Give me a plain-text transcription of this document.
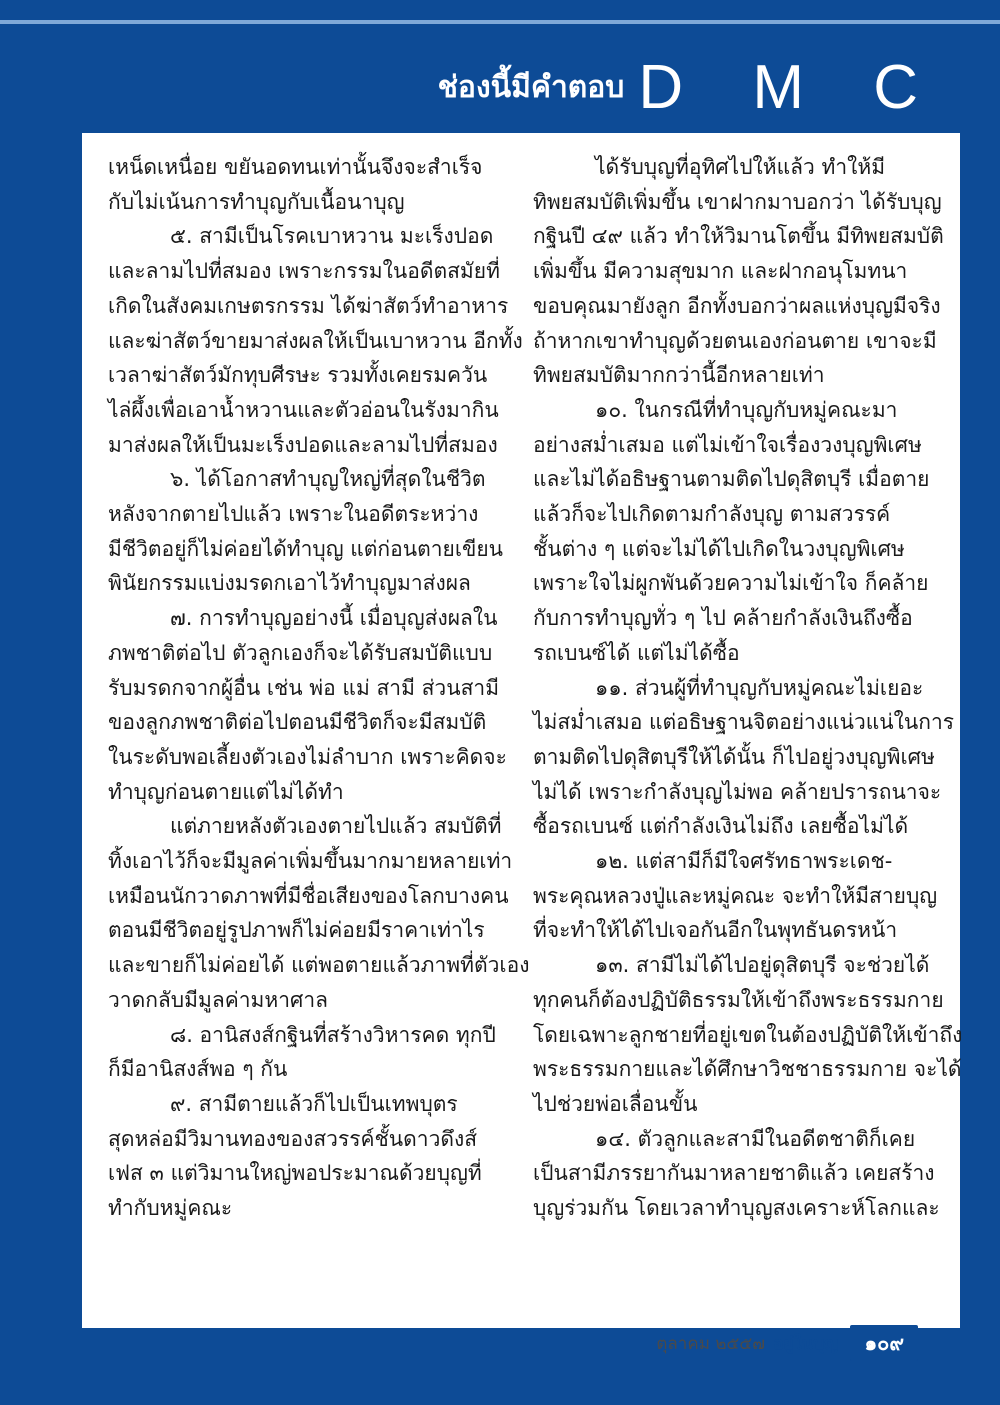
ช่องนี้มีคำตอบ D M C
เหน็ดเหนื่อย ขยันอดทนเท่านั้นจึงจะสำเร็จ
กับไม่เน้นการทำบุญกับเนื้อนาบุญ
๕. สามีเป็นโรคเบาหวาน มะเร็งปอด
และลามไปที่สมอง เพราะกรรมในอดีตสมัยที่
เกิดในสังคมเกษตรกรรม ได้ฆ่าสัตว์ทำอาหาร
และฆ่าสัตว์ขายมาส่งผลให้เป็นเบาหวาน อีกทั้ง
เวลาฆ่าสัตว์มักทุบศีรษะ รวมทั้งเคยรมควัน
ไล่ผึ้งเพื่อเอาน้ำหวานและตัวอ่อนในรังมากิน
มาส่งผลให้เป็นมะเร็งปอดและลามไปที่สมอง
๖. ได้โอกาสทำบุญใหญ่ที่สุดในชีวิต
หลังจากตายไปแล้ว เพราะในอดีตระหว่าง
มีชีวิตอยู่ก็ไม่ค่อยได้ทำบุญ แต่ก่อนตายเขียน
พินัยกรรมแบ่งมรดกเอาไว้ทำบุญมาส่งผล
๗. การทำบุญอย่างนี้ เมื่อบุญส่งผลใน
ภพชาติต่อไป ตัวลูกเองก็จะได้รับสมบัติแบบ
รับมรดกจากผู้อื่น เช่น พ่อ แม่ สามี ส่วนสามี
ของลูกภพชาติต่อไปตอนมีชีวิตก็จะมีสมบัติ
ในระดับพอเลี้ยงตัวเองไม่ลำบาก เพราะคิดจะ
ทำบุญก่อนตายแต่ไม่ได้ทำ
แต่ภายหลังตัวเองตายไปแล้ว สมบัติที่
ทิ้งเอาไว้ก็จะมีมูลค่าเพิ่มขึ้นมากมายหลายเท่า
เหมือนนักวาดภาพที่มีชื่อเสียงของโลกบางคน
ตอนมีชีวิตอยู่รูปภาพก็ไม่ค่อยมีราคาเท่าไร
และขายก็ไม่ค่อยได้ แต่พอตายแล้วภาพที่ตัวเอง
วาดกลับมีมูลค่ามหาศาล
๘. อานิสงส์กฐินที่สร้างวิหารคด ทุกปี
ก็มีอานิสงส์พอ ๆ กัน
๙. สามีตายแล้วก็ไปเป็นเทพบุตร
สุดหล่อมีวิมานทองของสวรรค์ชั้นดาวดึงส์
เฟส ๓ แต่วิมานใหญ่พอประมาณด้วยบุญที่
ทำกับหมู่คณะ
ได้รับบุญที่อุทิศไปให้แล้ว ทำให้มี
ทิพยสมบัติเพิ่มขึ้น เขาฝากมาบอกว่า ได้รับบุญ
กฐินปี ๔๙ แล้ว ทำให้วิมานโตขึ้น มีทิพยสมบัติ
เพิ่มขึ้น มีความสุขมาก และฝากอนุโมทนา
ขอบคุณมายังลูก อีกทั้งบอกว่าผลแห่งบุญมีจริง
ถ้าหากเขาทำบุญด้วยตนเองก่อนตาย เขาจะมี
ทิพยสมบัติมากกว่านี้อีกหลายเท่า
๑๐. ในกรณีที่ทำบุญกับหมู่คณะมา
อย่างสม่ำเสมอ แต่ไม่เข้าใจเรื่องวงบุญพิเศษ
และไม่ได้อธิษฐานตามติดไปดุสิตบุรี เมื่อตาย
แล้วก็จะไปเกิดตามกำลังบุญ ตามสวรรค์
ชั้นต่าง ๆ แต่จะไม่ได้ไปเกิดในวงบุญพิเศษ
เพราะใจไม่ผูกพันด้วยความไม่เข้าใจ ก็คล้าย
กับการทำบุญทั่ว ๆ ไป คล้ายกำลังเงินถึงซื้อ
รถเบนซ์ได้ แต่ไม่ได้ซื้อ
๑๑. ส่วนผู้ที่ทำบุญกับหมู่คณะไม่เยอะ
ไม่สม่ำเสมอ แต่อธิษฐานจิตอย่างแน่วแน่ในการ
ตามติดไปดุสิตบุรีให้ได้นั้น ก็ไปอยู่วงบุญพิเศษ
ไม่ได้ เพราะกำลังบุญไม่พอ คล้ายปรารถนาจะ
ซื้อรถเบนซ์ แต่กำลังเงินไม่ถึง เลยซื้อไม่ได้
๑๒. แต่สามีก็มีใจศรัทธาพระเดช-
พระคุณหลวงปู่และหมู่คณะ จะทำให้มีสายบุญ
ที่จะทำให้ได้ไปเจอกันอีกในพุทธันดรหน้า
๑๓. สามีไม่ได้ไปอยู่ดุสิตบุรี จะช่วยได้
ทุกคนก็ต้องปฏิบัติธรรมให้เข้าถึงพระธรรมกาย
โดยเฉพาะลูกชายที่อยู่เขตในต้องปฏิบัติให้เข้าถึง
พระธรรมกายและได้ศึกษาวิชชาธรรมกาย จะได้
ไปช่วยพ่อเลื่อนขั้น
๑๔. ตัวลูกและสามีในอดีตชาติก็เคย
เป็นสามีภรรยากันมาหลายชาติแล้ว เคยสร้าง
บุญร่วมกัน โดยเวลาทำบุญสงเคราะห์โลกและ
ตุลาคม ๒๕๕๗ อยู่ในบุญ	๑๐๙
